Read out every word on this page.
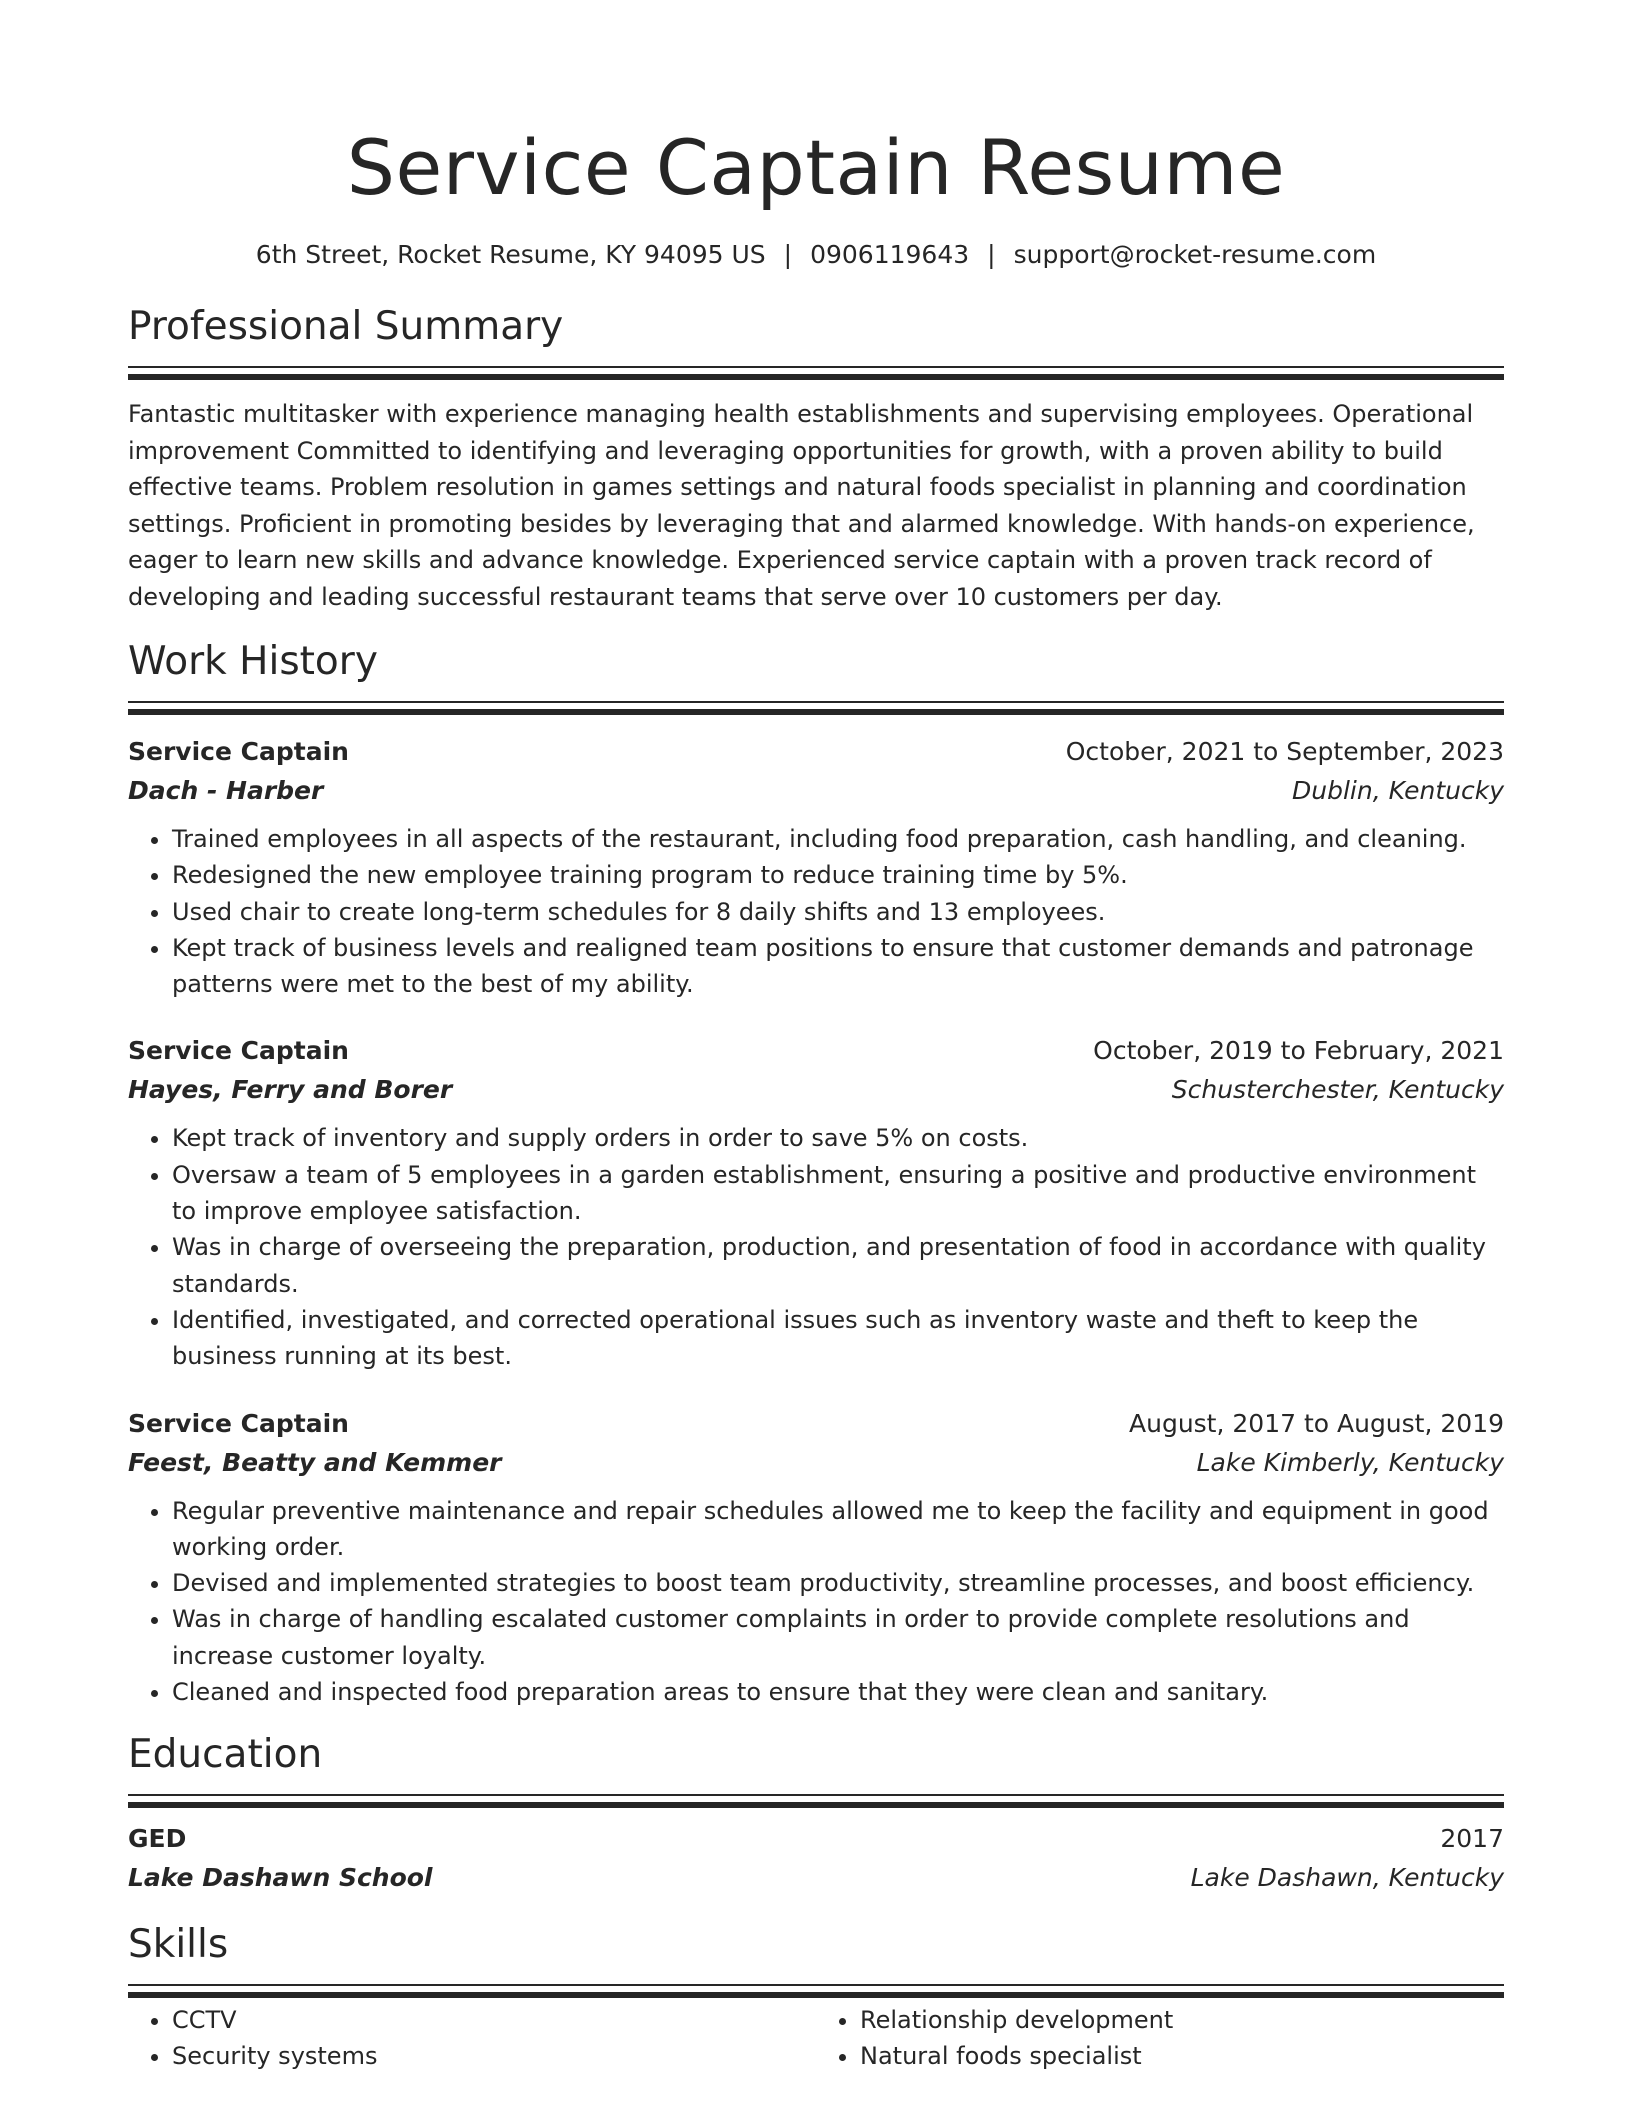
Service Captain Resume
6th Street, Rocket Resume, KY 94095 US | 0906119643 | support@rocket-resume.com
Professional Summary
Fantastic multitasker with experience managing health establishments and supervising employees. Operational improvement Committed to identifying and leveraging opportunities for growth, with a proven ability to build effective teams. Problem resolution in games settings and natural foods specialist in planning and coordination settings. Proficient in promoting besides by leveraging that and alarmed knowledge. With hands-on experience, eager to learn new skills and advance knowledge. Experienced service captain with a proven track record of developing and leading successful restaurant teams that serve over 10 customers per day.
Work History
Service Captain	October, 2021 to September, 2023
Dach - Harber	Dublin, Kentucky
• Trained employees in all aspects of the restaurant, including food preparation, cash handling, and cleaning.
• Redesigned the new employee training program to reduce training time by 5%.
• Used chair to create long-term schedules for 8 daily shifts and 13 employees.
• Kept track of business levels and realigned team positions to ensure that customer demands and patronage patterns were met to the best of my ability.
Service Captain	October, 2019 to February, 2021
Hayes, Ferry and Borer	Schusterchester, Kentucky
• Kept track of inventory and supply orders in order to save 5% on costs.
• Oversaw a team of 5 employees in a garden establishment, ensuring a positive and productive environment to improve employee satisfaction.
• Was in charge of overseeing the preparation, production, and presentation of food in accordance with quality standards.
• Identified, investigated, and corrected operational issues such as inventory waste and theft to keep the business running at its best.
Service Captain	August, 2017 to August, 2019
Feest, Beatty and Kemmer	Lake Kimberly, Kentucky
• Regular preventive maintenance and repair schedules allowed me to keep the facility and equipment in good working order.
• Devised and implemented strategies to boost team productivity, streamline processes, and boost efficiency.
• Was in charge of handling escalated customer complaints in order to provide complete resolutions and increase customer loyalty.
• Cleaned and inspected food preparation areas to ensure that they were clean and sanitary.
Education
GED	2017
Lake Dashawn School	Lake Dashawn, Kentucky
Skills
• CCTV
• Security systems
• Relationship development
• Natural foods specialist
